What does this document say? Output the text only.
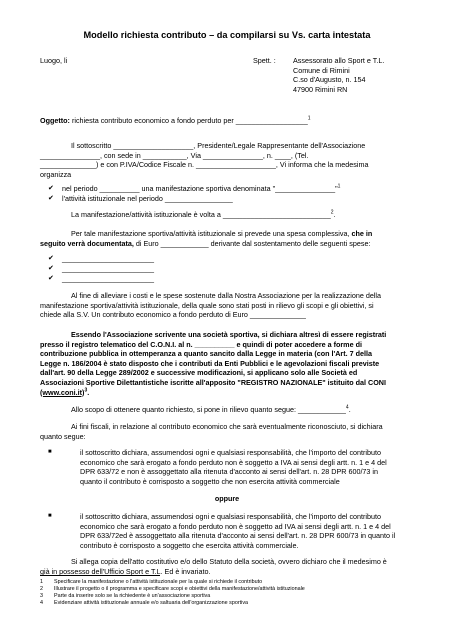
Modello richiesta contributo – da compilarsi su Vs. carta intestata
Luogo, li	Spett. : Assessorato allo Sport e T.L.
Comune di Rimini
C.so d'Augusto, n. 154
47900 Rimini RN
Oggetto: richiesta contributo economico a fondo perduto per __________________$^1$
Il sottoscritto ____________________, Presidente/Legale Rappresentante dell'Associazione
_______________, con sede in ___________, Via _______________, n. ____, (Tel.
______________) e con P.IVA/Codice Fiscale n. ____________________, Vi informa che la medesima
organizza
✔ nel periodo __________ una manifestazione sportiva denominata "_______________"$^1$
✔ l'attività istituzionale nel periodo _________________
La manifestazione/attività istituzionale è volta a ___________________________$^2$.
Per tale manifestazione sportiva/attività istituzionale si prevede una spesa complessiva, che in
seguito verrà documentata, di Euro ____________ derivante dal sostentamento delle seguenti spese:
✔ _______________________
✔ _______________________
✔ _______________________
Al fine di alleviare i costi e le spese sostenute dalla Nostra Associazione per la realizzazione della
manifestazione sportiva/attività istituzionale, della quale sono stati posti in rilievo gli scopi e gli obiettivi, si
chiede alla S.V. Un contributo economico a fondo perduto di Euro ______________
Essendo l'Associazione scrivente una società sportiva, si dichiara altresì di essere registrati
presso il registro telematico del C.O.N.I. al n. __________ e quindi di poter accedere a forme di
contribuzione pubblica in ottemperanza a quanto sancito dalla Legge in materia (con l'Art. 7 della
Legge n. 186/2004 è stato disposto che i contributi da Enti Pubblici e le agevolazioni fiscali previste
dall'art. 90 della Legge 289/2002 e successive modificazioni, si applicano solo alle Società ed
Associazioni Sportive Dilettantistiche iscritte all'apposito "REGISTRO NAZIONALE" istituito dal CONI
(www.coni.it)$^3$.
Allo scopo di ottenere quanto richiesto, si pone in rilievo quanto segue: ____________$^4$.
Ai fini fiscali, in relazione al contributo economico che sarà eventualmente riconosciuto, si dichiara
quanto segue:
■	il sottoscritto dichiara, assumendosi ogni e qualsiasi responsabilità, che l'importo del contributo
economico che sarà erogato a fondo perduto non è soggetto a IVA ai sensi degli artt. n. 1 e 4 del
DPR 633/72 e non è assoggettato alla ritenuta d'acconto ai sensi dell'art. n. 28 DPR 600/73 in
quanto il contributo è corrisposto a soggetto che non esercita attività commerciale
oppure
■	il sottoscritto dichiara, assumendosi ogni e qualsiasi responsabilità, che l'importo del contributo
economico che sarà erogato a fondo perduto non è soggetto ad IVA ai sensi degli artt. n. 1 e 4 del
DPR 633/72ed è assoggettato alla ritenuta d'acconto ai sensi dell'art. n. 28 DPR 600/73 in quanto il
contributo è corrisposto a soggetto che esercita attività commerciale.
Si allega copia dell'atto costitutivo e/o dello Statuto della società, ovvero dichiaro che il medesimo è
già in possesso dell'Ufficio Sport e T.L. Ed è invariato.
1 Specificare la manifestazione o l'attività istituzionale per la quale si richiede il contributo
2 Illustrare il progetto o il programma e specificare scopi e obiettivi della manifestazione/attività istituzionale
3 Parte da inserire solo se la richiedente è un'associazione sportiva
4 Evidenziare attività istituzionale annuale e/o saltuaria dell'organizzazione sportiva
